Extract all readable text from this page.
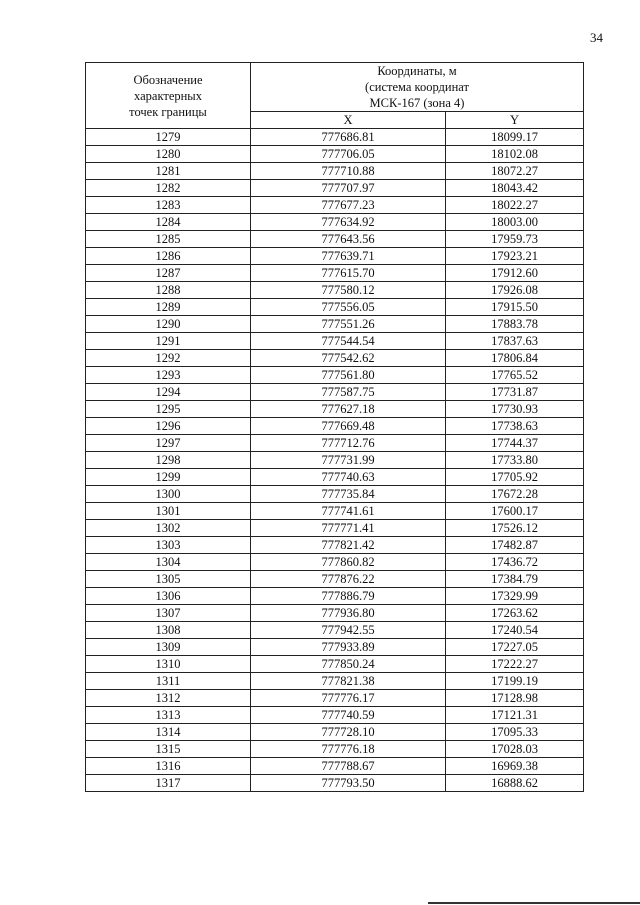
34
Обозначение
характерных
точек границы	Координаты, м
(система координат
МСК-167 (зона 4)	

	X	Y
1279	777686.81	18099.17
1280	777706.05	18102.08
1281	777710.88	18072.27
1282	777707.97	18043.42
1283	777677.23	18022.27
1284	777634.92	18003.00
1285	777643.56	17959.73
1286	777639.71	17923.21
1287	777615.70	17912.60
1288	777580.12	17926.08
1289	777556.05	17915.50
1290	777551.26	17883.78
1291	777544.54	17837.63
1292	777542.62	17806.84
1293	777561.80	17765.52
1294	777587.75	17731.87
1295	777627.18	17730.93
1296	777669.48	17738.63
1297	777712.76	17744.37
1298	777731.99	17733.80
1299	777740.63	17705.92
1300	777735.84	17672.28
1301	777741.61	17600.17
1302	777771.41	17526.12
1303	777821.42	17482.87
1304	777860.82	17436.72
1305	777876.22	17384.79
1306	777886.79	17329.99
1307	777936.80	17263.62
1308	777942.55	17240.54
1309	777933.89	17227.05
1310	777850.24	17222.27
1311	777821.38	17199.19
1312	777776.17	17128.98
1313	777740.59	17121.31
1314	777728.10	17095.33
1315	777776.18	17028.03
1316	777788.67	16969.38
1317	777793.50	16888.62
